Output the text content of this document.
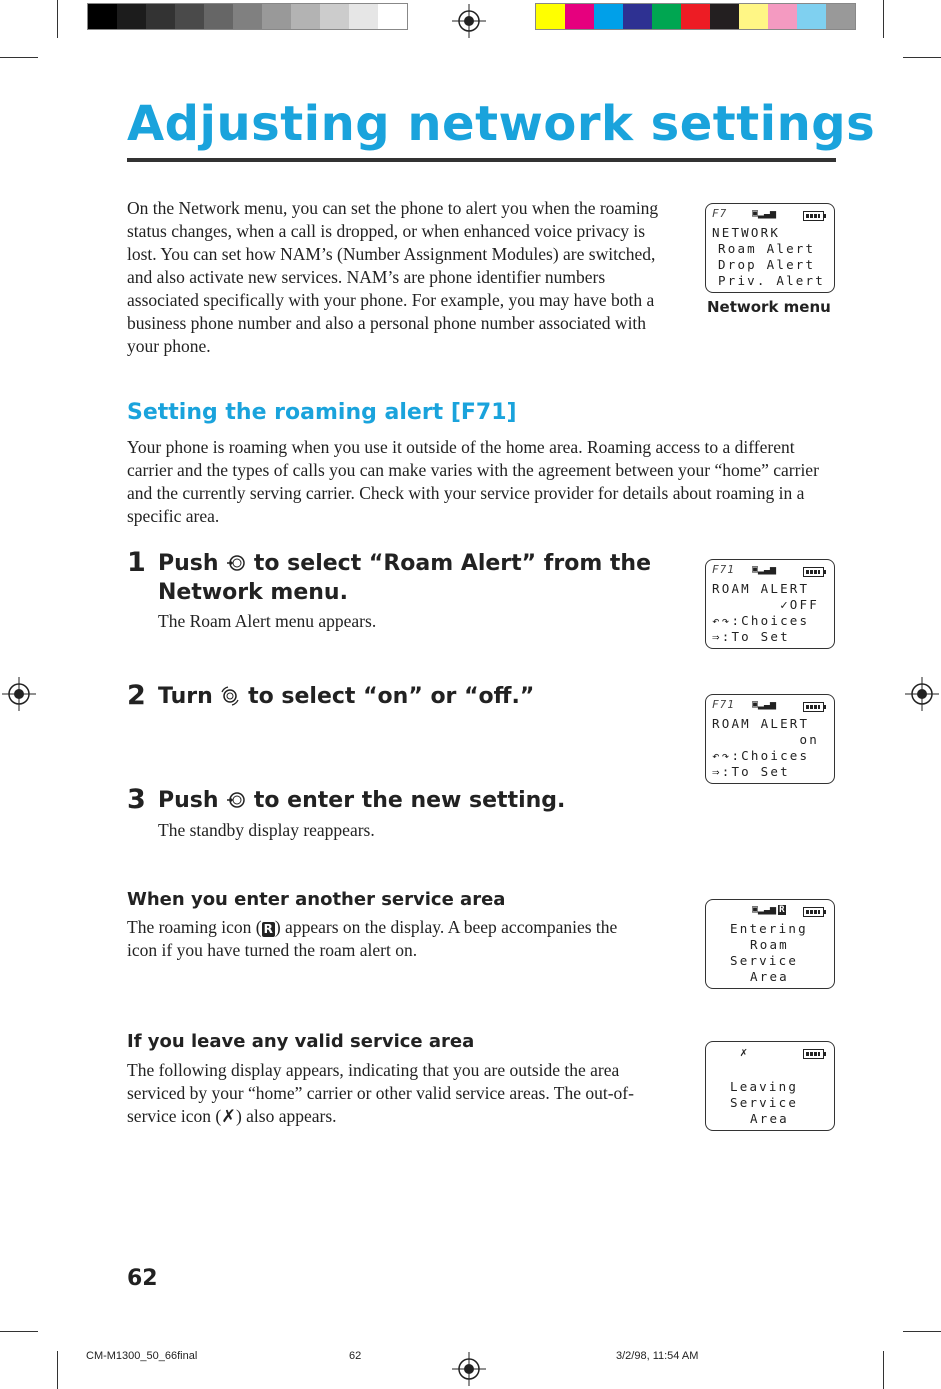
Adjusting network settings
On the Network menu, you can set the phone to alert you when the roaming status changes, when a call is dropped, or when enhanced voice privacy is lost. You can set how NAM’s (Number Assignment Modules) are switched, and also activate new services. NAM’s are phone identifier numbers associated specifically with your phone. For example, you may have both a business phone number and also a personal phone number associated with your phone.
F7 ▣▂▃▅
NETWORK
Roam Alert
Drop Alert
Priv. Alert
Network menu
Setting the roaming alert [F71]
Your phone is roaming when you use it outside of the home area. Roaming access to a different carrier and the types of calls you can make varies with the agreement between your “home” carrier and the currently serving carrier. Check with your service provider for details about roaming in a specific area.
1 Push to select “Roam Alert” from the
Network menu.
The Roam Alert menu appears.
F71 ▣▂▃▅
ROAM ALERT
✓OFF
↶↷:Choices
⇒:To Set
2 Turn to select “on” or “off.”	F71 ▣▂▃▅
ROAM ALERT
on
↶↷:Choices
⇒:To Set
3 Push to enter the new setting.
The standby display reappears.
When you enter another service area
The roaming icon ( R ) appears on the display. A beep accompanies the icon if you have turned the roam alert on.
▣▂▃▅ R
Entering
Roam
Service
Area
If you leave any valid service area
The following display appears, indicating that you are outside the area serviced by your “home” carrier or other valid service areas. The out-of-service icon (✗) also appears.
✗
Leaving
Service
Area
62
CM-M1300_50_66final	62	3/2/98, 11:54 AM
